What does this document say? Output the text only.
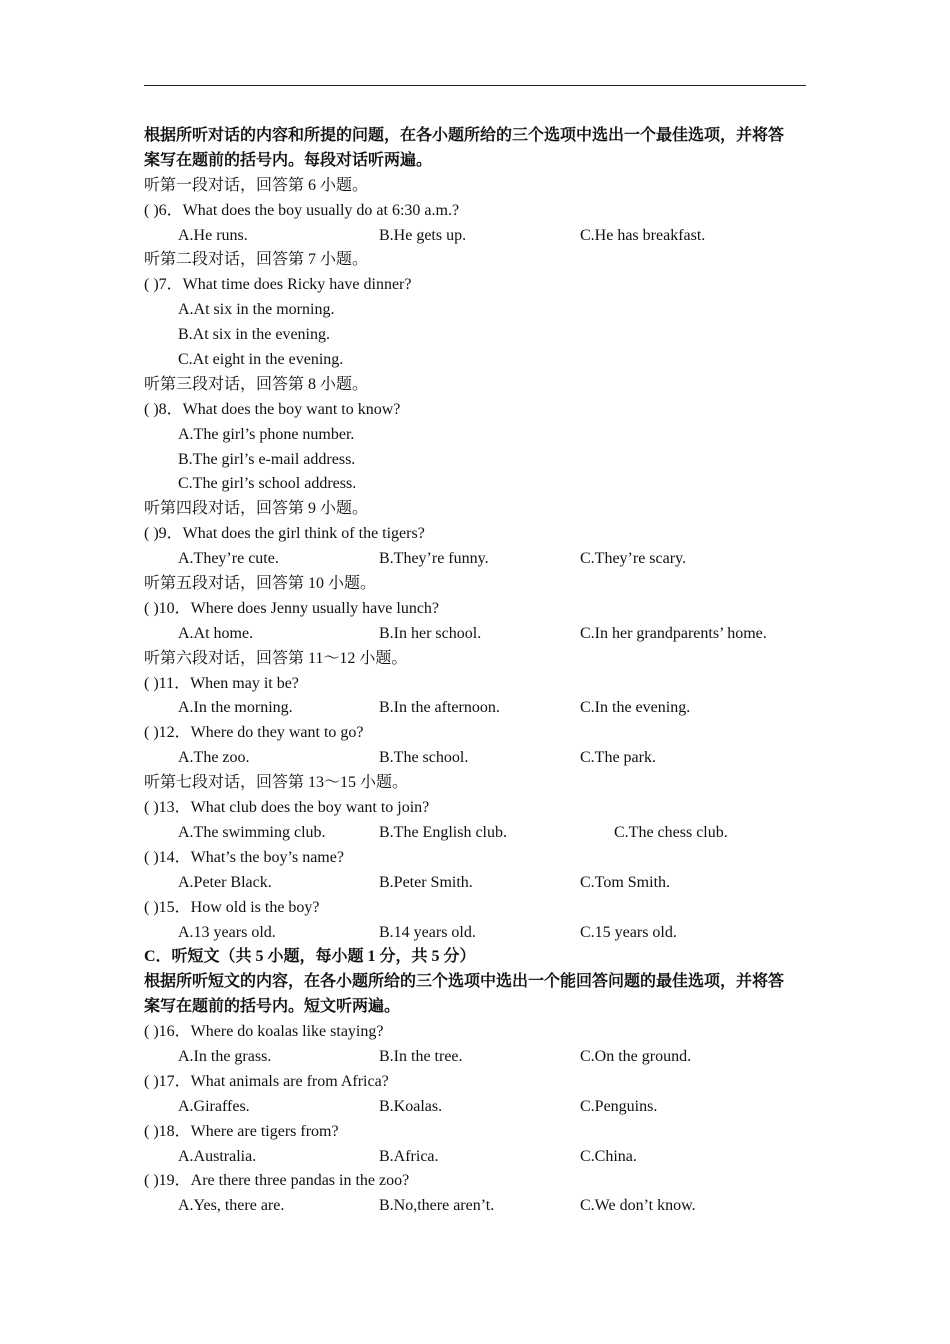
根据所听对话的内容和所提的问题，在各小题所给的三个选项中选出一个最佳选项，并将答
案写在题前的括号内。每段对话听两遍。
听第一段对话，回答第 6 小题。
( )6．What does the boy usually do at 6:30 a.m.?
A.He runs.	B.He gets up.	C.He has breakfast.
听第二段对话，回答第 7 小题。
( )7．What time does Ricky have dinner?
A.At six in the morning.
B.At six in the evening.
C.At eight in the evening.
听第三段对话，回答第 8 小题。
( )8．What does the boy want to know?
A.The girl’s phone number.
B.The girl’s e-mail address.
C.The girl’s school address.
听第四段对话，回答第 9 小题。
( )9．What does the girl think of the tigers?
A.They’re cute.	B.They’re funny.	C.They’re scary.
听第五段对话，回答第 10 小题。
( )10．Where does Jenny usually have lunch?
A.At home.	B.In her school.	C.In her grandparents’ home.
听第六段对话，回答第 11～12 小题。
( )11．When may it be?
A.In the morning.	B.In the afternoon.	C.In the evening.
( )12．Where do they want to go?
A.The zoo.	B.The school.	C.The park.
听第七段对话，回答第 13～15 小题。
( )13．What club does the boy want to join?
A.The swimming club.	B.The English club.	C.The chess club.
( )14．What’s the boy’s name?
A.Peter Black.	B.Peter Smith.	C.Tom Smith.
( )15．How old is the boy?
A.13 years old.	B.14 years old.	C.15 years old.
C．听短文（共 5 小题，每小题 1 分，共 5 分）
根据所听短文的内容，在各小题所给的三个选项中选出一个能回答问题的最佳选项，并将答
案写在题前的括号内。短文听两遍。
( )16．Where do koalas like staying?
A.In the grass.	B.In the tree.	C.On the ground.
( )17．What animals are from Africa?
A.Giraffes.	B.Koalas.	C.Penguins.
( )18．Where are tigers from?
A.Australia.	B.Africa.	C.China.
( )19．Are there three pandas in the zoo?
A.Yes, there are.	B.No,there aren’t.	C.We don’t know.
